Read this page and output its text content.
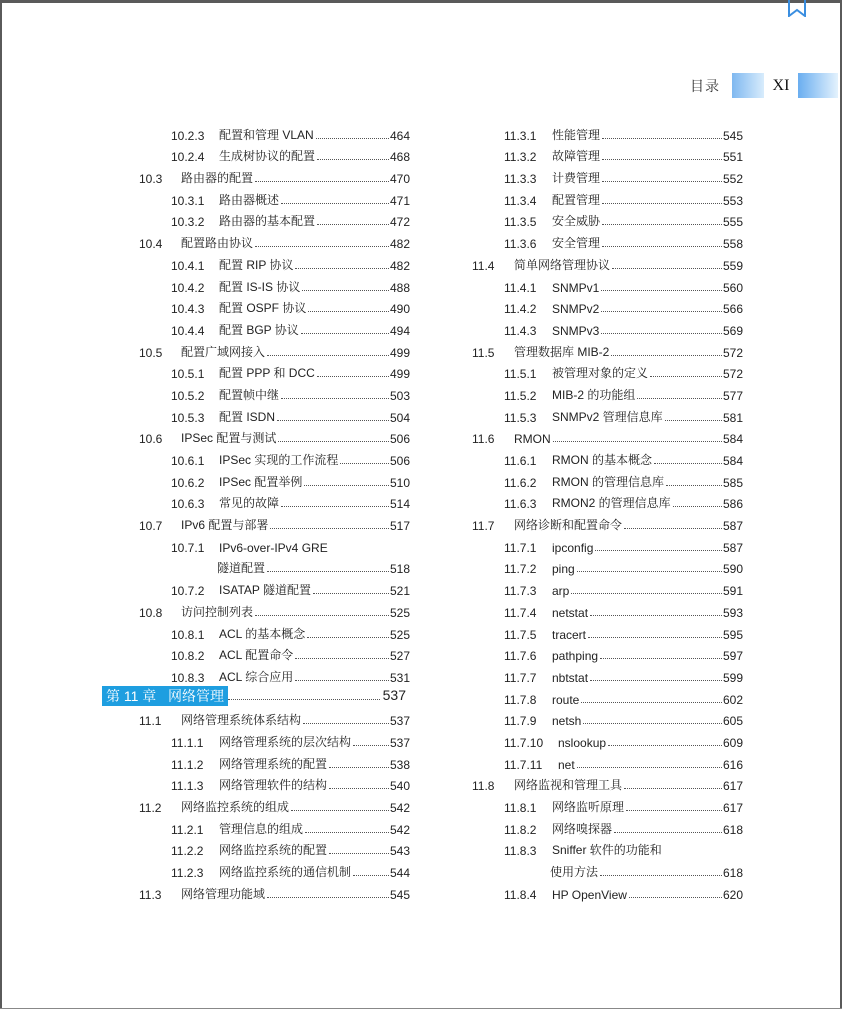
目录	XI
10.2.3	配置和管理 VLAN	464
10.2.4	生成树协议的配置	468
10.3	路由器的配置	470
10.3.1	路由器概述	471
10.3.2	路由器的基本配置	472
10.4	配置路由协议	482
10.4.1	配置 RIP 协议	482
10.4.2	配置 IS-IS 协议	488
10.4.3	配置 OSPF 协议	490
10.4.4	配置 BGP 协议	494
10.5	配置广域网接入	499
10.5.1	配置 PPP 和 DCC	499
10.5.2	配置帧中继	503
10.5.3	配置 ISDN	504
10.6	IPSec 配置与测试	506
10.6.1	IPSec 实现的工作流程	506
10.6.2	IPSec 配置举例	510
10.6.3	常见的故障	514
10.7	IPv6 配置与部署	517
10.7.1	IPv6-over-IPv4 GRE
隧道配置	518
10.7.2	ISATAP 隧道配置	521
10.8	访问控制列表	525
10.8.1	ACL 的基本概念	525
10.8.2	ACL 配置命令	527
10.8.3	ACL 综合应用	531
第 11 章 网络管理	537
11.1	网络管理系统体系结构	537
11.1.1	网络管理系统的层次结构	537
11.1.2	网络管理系统的配置	538
11.1.3	网络管理软件的结构	540
11.2	网络监控系统的组成	542
11.2.1	管理信息的组成	542
11.2.2	网络监控系统的配置	543
11.2.3	网络监控系统的通信机制	544
11.3	网络管理功能域	545
11.3.1	性能管理	545
11.3.2	故障管理	551
11.3.3	计费管理	552
11.3.4	配置管理	553
11.3.5	安全威胁	555
11.3.6	安全管理	558
11.4	简单网络管理协议	559
11.4.1	SNMPv1	560
11.4.2	SNMPv2	566
11.4.3	SNMPv3	569
11.5	管理数据库 MIB-2	572
11.5.1	被管理对象的定义	572
11.5.2	MIB-2 的功能组	577
11.5.3	SNMPv2 管理信息库	581
11.6	RMON	584
11.6.1	RMON 的基本概念	584
11.6.2	RMON 的管理信息库	585
11.6.3	RMON2 的管理信息库	586
11.7	网络诊断和配置命令	587
11.7.1	ipconfig	587
11.7.2	ping	590
11.7.3	arp	591
11.7.4	netstat	593
11.7.5	tracert	595
11.7.6	pathping	597
11.7.7	nbtstat	599
11.7.8	route	602
11.7.9	netsh	605
11.7.10	nslookup	609
11.7.11	net	616
11.8	网络监视和管理工具	617
11.8.1	网络监听原理	617
11.8.2	网络嗅探器	618
11.8.3	Sniffer 软件的功能和
使用方法	618
11.8.4	HP OpenView	620
